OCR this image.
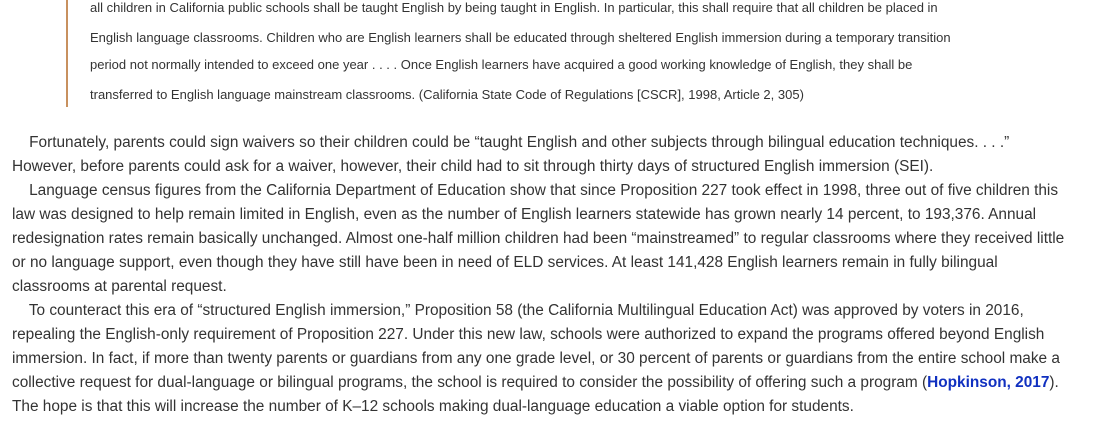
all children in California public schools shall be taught English by being taught in English. In particular, this shall require that all children be placed in
English language classrooms. Children who are English learners shall be educated through sheltered English immersion during a temporary transition
period not normally intended to exceed one year . . . . Once English learners have acquired a good working knowledge of English, they shall be
transferred to English language mainstream classrooms. (California State Code of Regulations [CSCR], 1998, Article 2, 305)
Fortunately, parents could sign waivers so their children could be “taught English and other subjects through bilingual education techniques. . . .”
However, before parents could ask for a waiver, however, their child had to sit through thirty days of structured English immersion (SEI).
Language census figures from the California Department of Education show that since Proposition 227 took effect in 1998, three out of five children this
law was designed to help remain limited in English, even as the number of English learners statewide has grown nearly 14 percent, to 193,376. Annual
redesignation rates remain basically unchanged. Almost one-half million children had been “mainstreamed” to regular classrooms where they received little
or no language support, even though they have still have been in need of ELD services. At least 141,428 English learners remain in fully bilingual
classrooms at parental request.
To counteract this era of “structured English immersion,” Proposition 58 (the California Multilingual Education Act) was approved by voters in 2016,
repealing the English-only requirement of Proposition 227. Under this new law, schools were authorized to expand the programs offered beyond English
immersion. In fact, if more than twenty parents or guardians from any one grade level, or 30 percent of parents or guardians from the entire school make a
collective request for dual-language or bilingual programs, the school is required to consider the possibility of offering such a program (Hopkinson, 2017).
The hope is that this will increase the number of K–12 schools making dual-language education a viable option for students.
